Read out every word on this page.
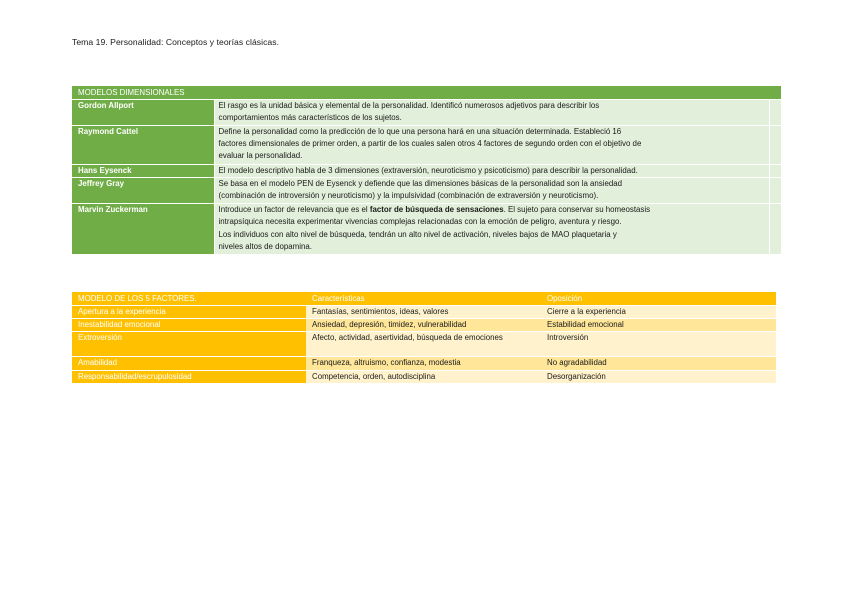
Tema 19. Personalidad: Conceptos y teorías clásicas.
MODELOS DIMENSIONALES		
Gordon Allport	El rasgo es la unidad básica y elemental de la personalidad. Identificó numerosos adjetivos para describir los
comportamientos más característicos de los sujetos.	

Raymond Cattel	Define la personalidad como la predicción de lo que una persona hará en una situación determinada. Estableció 16
factores dimensionales de primer orden, a partir de los cuales salen otros 4 factores de segundo orden con el objetivo de
evaluar la personalidad.	

Hans Eysenck	El modelo descriptivo habla de 3 dimensiones (extraversión, neuroticismo y psicoticismo) para describir la personalidad.	

Jeffrey Gray	Se basa en el modelo PEN de Eysenck y defiende que las dimensiones básicas de la personalidad son la ansiedad
(combinación de introversión y neuroticismo) y la impulsividad (combinación de extraversión y neuroticismo).	

Marvin Zuckerman	Introduce un factor de relevancia que es el factor de búsqueda de sensaciones. El sujeto para conservar su homeostasis
intrapsíquica necesita experimentar vivencias complejas relacionadas con la emoción de peligro, aventura y riesgo.
Los individuos con alto nivel de búsqueda, tendrán un alto nivel de activación, niveles bajos de MAO plaquetaria y
niveles altos de dopamina.	

MODELO DE LOS 5 FACTORES.	Características	Oposición
Apertura a la experiencia	Fantasías, sentimientos, ideas, valores	Cierre a la experiencia
Inestabilidad emocional	Ansiedad, depresión, timidez, vulnerabilidad	Estabilidad emocional
Extroversión	Afecto, actividad, asertividad, búsqueda de emociones	Introversión
Amabilidad	Franqueza, altruismo, confianza, modestia	No agradabilidad
Responsabilidad/escrupulosidad	Competencia, orden, autodisciplina	Desorganización
